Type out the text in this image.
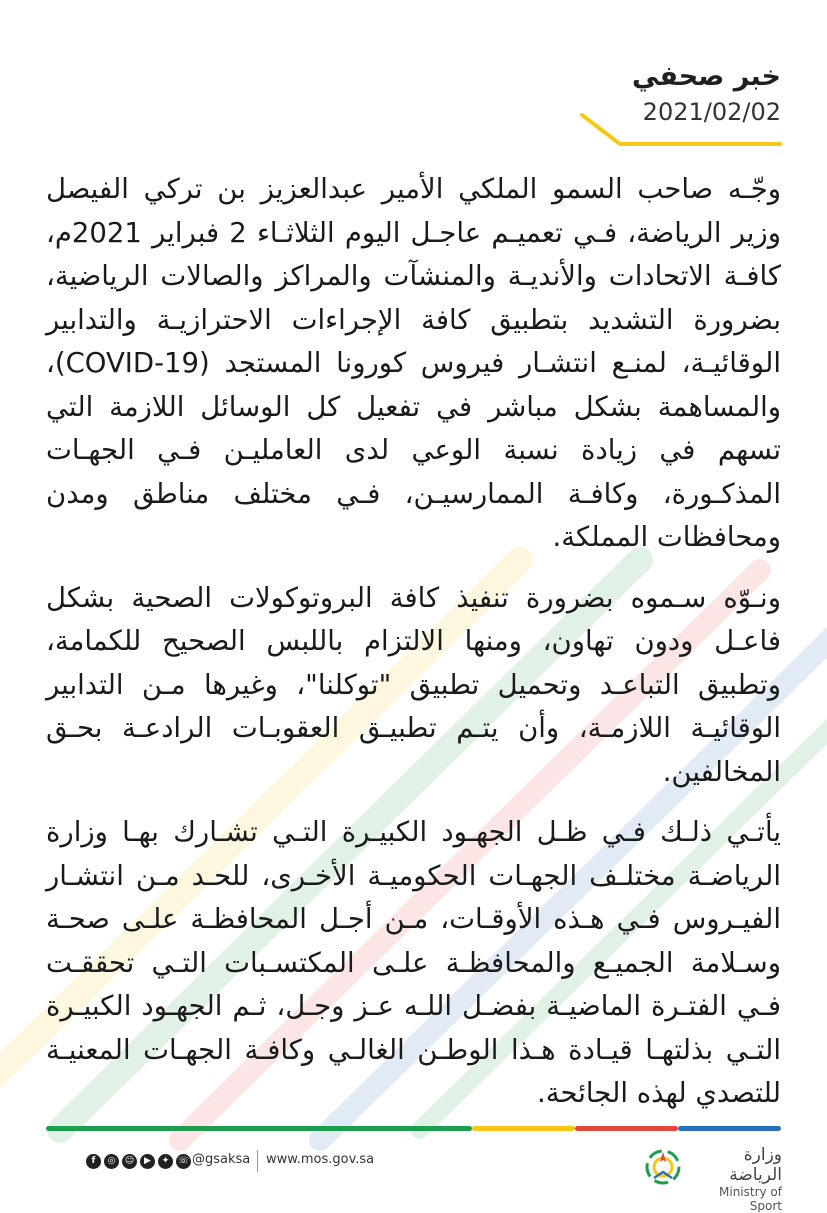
خبر صحفي
2021/02/02

وجّـه صاحب السمو الملكي الأمير عبدالعزيز بن تركي الفيصل وزير الرياضة، فـي تعميـم عاجـل اليوم الثلاثـاء 2 فبراير 2021م، كافـة الاتحادات والأنديـة والمنشآت والمراكز والصالات الرياضية، بضرورة التشديد بتطبيق كافة الإجراءات الاحترازيـة والتدابير الوقائيـة، لمنـع انتشـار فيروس كورونا المستجد (COVID-19)، والمساهمة بشكل مباشر في تفعيل كل الوسائل اللازمة التي تسهم في زيادة نسبة الوعي لدى العامليـن فـي الجهـات المذكـورة، وكافـة الممارسيـن، فـي مختلف مناطق ومدن ومحافظات المملكة.

ونـوّه سـموه بضرورة تنفيذ كافة البروتوكولات الصحية بشكل فاعـل ودون تهاون، ومنها الالتزام باللبس الصحيح للكمامة، وتطبيق التباعـد وتحميل تطبيق "توكلنا"، وغيرها مـن التدابير الوقائيـة اللازمـة، وأن يتـم تطبيـق العقوبـات الرادعـة بحـق المخالفين.

يأتـي ذلـك فـي ظـل الجهـود الكبيـرة التـي تشـارك بهـا وزارة الرياضـة مختلـف الجهـات الحكوميـة الأخـرى، للحـد مـن انتشـار الفيـروس فـي هـذه الأوقـات، مـن أجـل المحافظـة علـى صحـة وسـلامة الجميـع والمحافظـة علـى المكتسـبات التـي تحققـت فـي الفتـرة الماضيـة بفضـل اللـه عـز وجـل، ثـم الجهـود الكبيـرة التـي بذلتهـا قيـادة هـذا الوطـن الغالـي وكافـة الجهـات المعنيـة للتصدي لهذه الجائحة.

f	◎	☺	▶	✦ ☏ @gsaksa www.mos.gov.sa	وزارة الرياضة
Ministry of Sport
